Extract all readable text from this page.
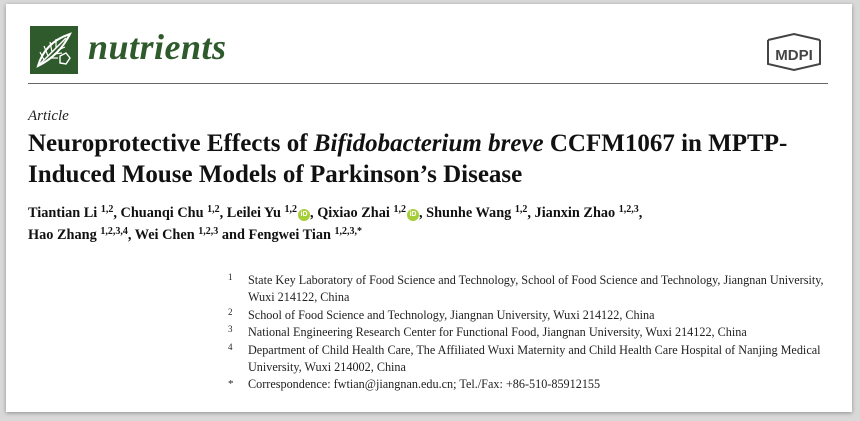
nutrients	MDPI
Article
Neuroprotective Effects of Bifidobacterium breve CCFM1067 in MPTP-Induced Mouse Models of Parkinson’s Disease
Tiantian Li $^{1,2}$, Chuanqi Chu $^{1,2}$, Leilei Yu $^{1,2}$ iD , Qixiao Zhai $^{1,2}$ iD , Shunhe Wang $^{1,2}$, Jianxin Zhao $^{1,2,3}$,
Hao Zhang $^{1,2,3,4}$, Wei Chen $^{1,2,3}$ and Fengwei Tian $^{1,2,3,*}$
1 State Key Laboratory of Food Science and Technology, School of Food Science and Technology, Jiangnan University, Wuxi 214122, China
2 School of Food Science and Technology, Jiangnan University, Wuxi 214122, China
3 National Engineering Research Center for Functional Food, Jiangnan University, Wuxi 214122, China
4 Department of Child Health Care, The Affiliated Wuxi Maternity and Child Health Care Hospital of Nanjing Medical University, Wuxi 214002, China
* Correspondence: fwtian@jiangnan.edu.cn; Tel./Fax: +86-510-85912155
